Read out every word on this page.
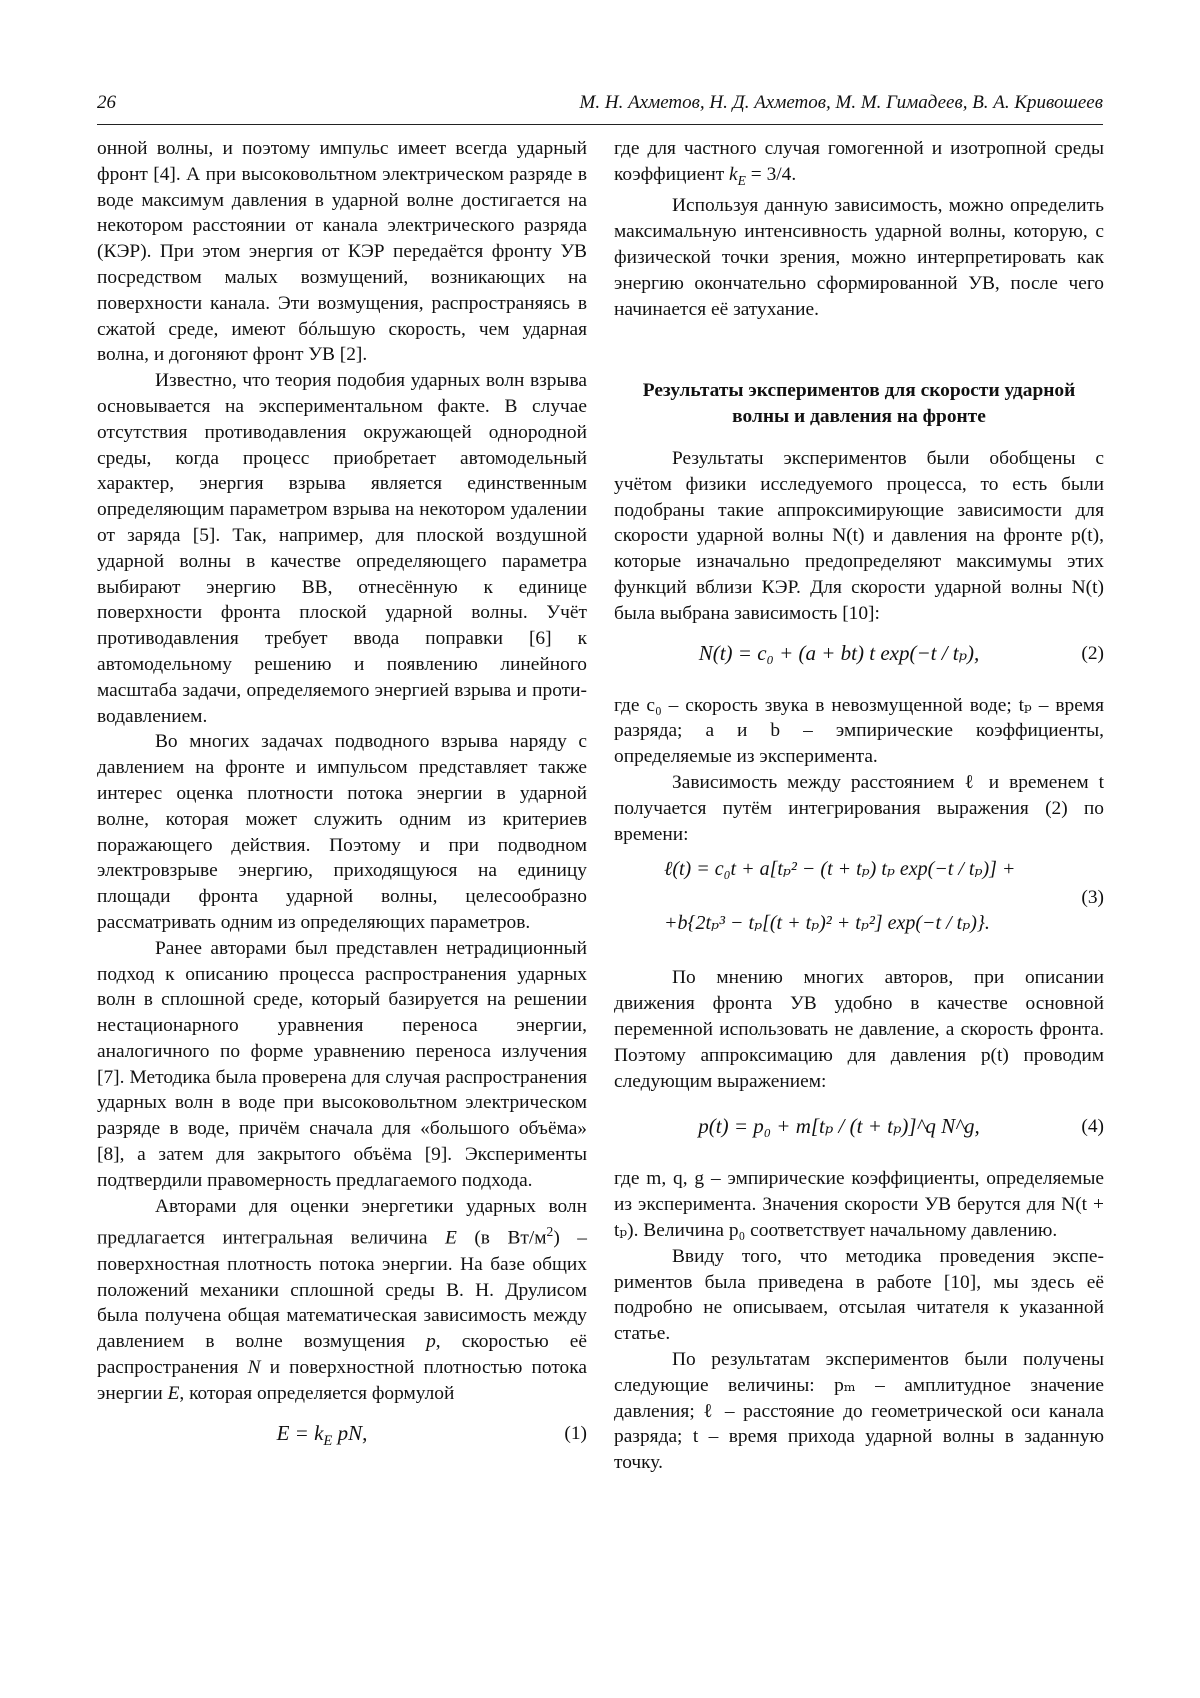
26	М. Н. Ахметов, Н. Д. Ахметов, М. М. Гимадеев, В. А. Кривошеев

онной волны, и поэтому импульс имеет всегда ударный фронт [4]. А при высоковольтном электрическом разряде в воде максимум давления в ударной волне достигается на некотором расстоянии от канала электрического разряда (КЭР). При этом энергия от КЭР передаётся фронту УВ посредством малых возмущений, возникающих на поверхности канала. Эти возмущения, распространяясь в сжатой среде, имеют бóльшую скорость, чем ударная волна, и догоняют фронт УВ [2].

Известно, что теория подобия ударных волн взрыва основывается на экспериментальном факте. В случае отсутствия противодавления окружающей однородной среды, когда процесс приобретает автомодельный характер, энергия взрыва является единственным определяющим параметром взрыва на некотором удалении от заряда [5]. Так, например, для плоской воздушной ударной волны в качестве определяющего параметра выбирают энергию ВВ, отнесённую к единице поверхности фронта плоской ударной волны. Учёт противодавления требует ввода поправки [6] к автомодельному решению и появлению линейного масштаба задачи, определяемого энергией взрыва и противодавлением.

Во многих задачах подводного взрыва наряду с давлением на фронте и импульсом представляет также интерес оценка плотности потока энергии в ударной волне, которая может служить одним из критериев поражающего действия. Поэтому и при подводном электровзрыве энергию, приходящуюся на единицу площади фронта ударной волны, целесообразно рассматривать одним из определяющих параметров.

Ранее авторами был представлен нетрадиционный подход к описанию процесса распространения ударных волн в сплошной среде, который базируется на решении нестационарного уравнения переноса энергии, аналогичного по форме уравнению переноса излучения [7]. Методика была проверена для случая распространения ударных волн в воде при высоковольтном электрическом разряде в воде, причём сначала для «большого объёма» [8], а затем для закрытого объёма [9]. Эксперименты подтвердили правомерность предлагаемого подхода.

Авторами для оценки энергетики ударных волн предлагается интегральная величина E (в $Вт/м^2$) – поверхностная плотность потока энергии. На базе общих положений механики сплошной среды В. Н. Друлисом была получена общая математическая зависимость между давлением в волне возмущения p, скоростью её распространения N и поверхностной плотностью потока энергии E, которая определяется формулой

$E = k_E$ pN,	(1)

где для частного случая гомогенной и изотропной среды коэффициент $k_E = 3/4$.

Используя данную зависимость, можно определить максимальную интенсивность ударной волны, которую, с физической точки зрения, можно интерпретировать как энергию окончательно сформированной УВ, после чего начинается её затухание.

Результаты экспериментов для скорости ударной волны и давления на фронте

Результаты экспериментов были обобщены с учётом физики исследуемого процесса, то есть были подобраны такие аппроксимирующие зависимости для скорости ударной волны N(t) и давления на фронте p(t), которые изначально предопределяют максимумы этих функций вблизи КЭР. Для скорости ударной волны N(t) была выбрана зависимость [10]:

N(t) = c₀ + (a + bt) t exp(−t / tₚ),	(2)

где c₀ – скорость звука в невозмущенной воде; tₚ – время разряда; a и b – эмпирические коэффициенты, определяемые из эксперимента.

Зависимость между расстоянием ℓ и временем t получается путём интегрирования выражения (2) по времени:

ℓ(t) = c₀t + a[tₚ² − (t + tₚ) tₚ exp(−t / tₚ)] +
+b{2tₚ³ − tₚ[(t + tₚ)² + tₚ²] exp(−t / tₚ)}.
(3)

По мнению многих авторов, при описании движения фронта УВ удобно в качестве основной переменной использовать не давление, а скорость фронта. Поэтому аппроксимацию для давления p(t) проводим следующим выражением:

p(t) = p₀ + m[tₚ / (t + tₚ)]^q N^g,	(4)

где m, q, g – эмпирические коэффициенты, определяемые из эксперимента. Значения скорости УВ берутся для N(t + tₚ). Величина p₀ соответствует начальному давлению.

Ввиду того, что методика проведения экспериментов была приведена в работе [10], мы здесь её подробно не описываем, отсылая читателя к указанной статье.

По результатам экспериментов были получены следующие величины: pₘ – амплитудное значение давления; ℓ – расстояние до геометрической оси канала разряда; t – время прихода ударной волны в заданную точку.
